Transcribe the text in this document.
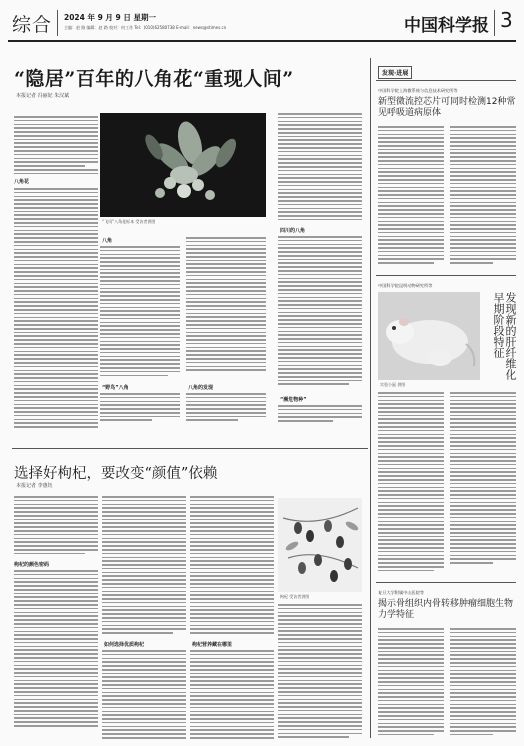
综合 2024 年 9 月 9 日 星期一
主编：赵 路 编辑：赵 路 校对：何工作 Tel：(010)62580738 E-mail：news@stimes.cn	中国科学报 3
“隐居”百年的八角花“重现人间”
本报记者 冯丽妃 朱汉斌
八角花
“飞凤”八角花标本 受访者供图
八角
“野鸟”八角	八角的发现
四川的八角
“濒危物种”
选择好枸杞，要改变“颜值”依赖
本报记者 李惠钰
枸杞的颜色密码
如何选择优质枸杞	枸杞营养藏在哪里
枸杞 受访者供图
发现·进展
中国科学院上海微系统与信息技术研究所等
新型微流控芯片可同时检测12种常见呼吸道病原体
中国科学院昆明动物研究所等
实验小鼠 供图
发现新的肝纤维化早期阶段特征
复旦大学附属中山医院等
揭示骨组织内骨转移肿瘤细胞生物力学特征
